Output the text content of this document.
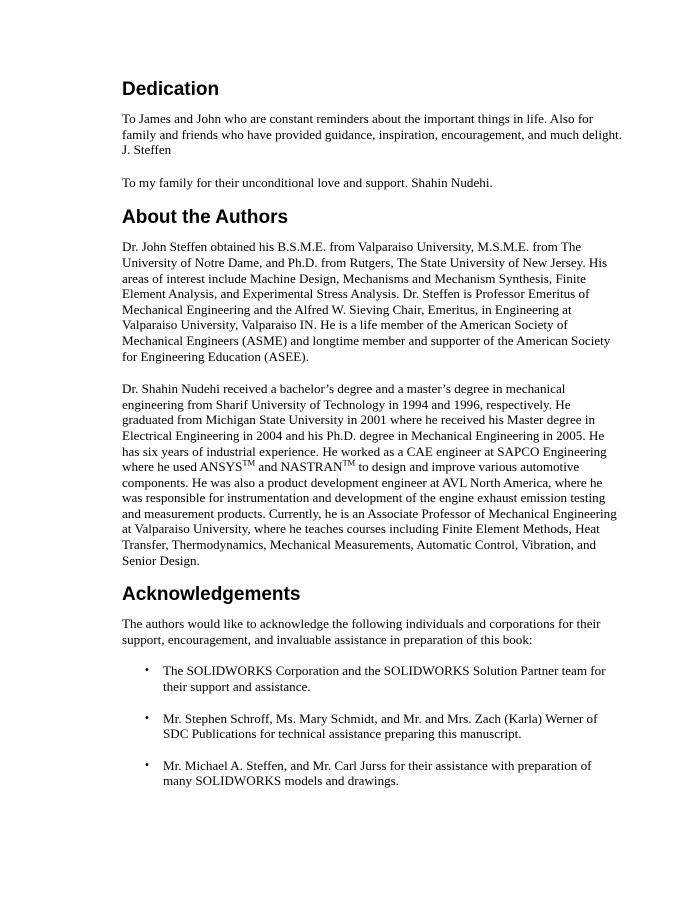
Dedication

To James and John who are constant reminders about the important things in life. Also for family and friends who have provided guidance, inspiration, encouragement, and much delight. J. Steffen

To my family for their unconditional love and support. Shahin Nudehi.

About the Authors

Dr. John Steffen obtained his B.S.M.E. from Valparaiso University, M.S.M.E. from The University of Notre Dame, and Ph.D. from Rutgers, The State University of New Jersey. His areas of interest include Machine Design, Mechanisms and Mechanism Synthesis, Finite Element Analysis, and Experimental Stress Analysis. Dr. Steffen is Professor Emeritus of Mechanical Engineering and the Alfred W. Sieving Chair, Emeritus, in Engineering at Valparaiso University, Valparaiso IN. He is a life member of the American Society of Mechanical Engineers (ASME) and longtime member and supporter of the American Society for Engineering Education (ASEE).

Dr. Shahin Nudehi received a bachelor’s degree and a master’s degree in mechanical engineering from Sharif University of Technology in 1994 and 1996, respectively. He graduated from Michigan State University in 2001 where he received his Master degree in Electrical Engineering in 2004 and his Ph.D. degree in Mechanical Engineering in 2005. He has six years of industrial experience. He worked as a CAE engineer at SAPCO Engineering where he used ANSYS™ and NASTRAN™ to design and improve various automotive components. He was also a product development engineer at AVL North America, where he was responsible for instrumentation and development of the engine exhaust emission testing and measurement products. Currently, he is an Associate Professor of Mechanical Engineering at Valparaiso University, where he teaches courses including Finite Element Methods, Heat Transfer, Thermodynamics, Mechanical Measurements, Automatic Control, Vibration, and Senior Design.

Acknowledgements

The authors would like to acknowledge the following individuals and corporations for their support, encouragement, and invaluable assistance in preparation of this book:

• The SOLIDWORKS Corporation and the SOLIDWORKS Solution Partner team for their support and assistance.
• Mr. Stephen Schroff, Ms. Mary Schmidt, and Mr. and Mrs. Zach (Karla) Werner of SDC Publications for technical assistance preparing this manuscript.
• Mr. Michael A. Steffen, and Mr. Carl Jurss for their assistance with preparation of many SOLIDWORKS models and drawings.
